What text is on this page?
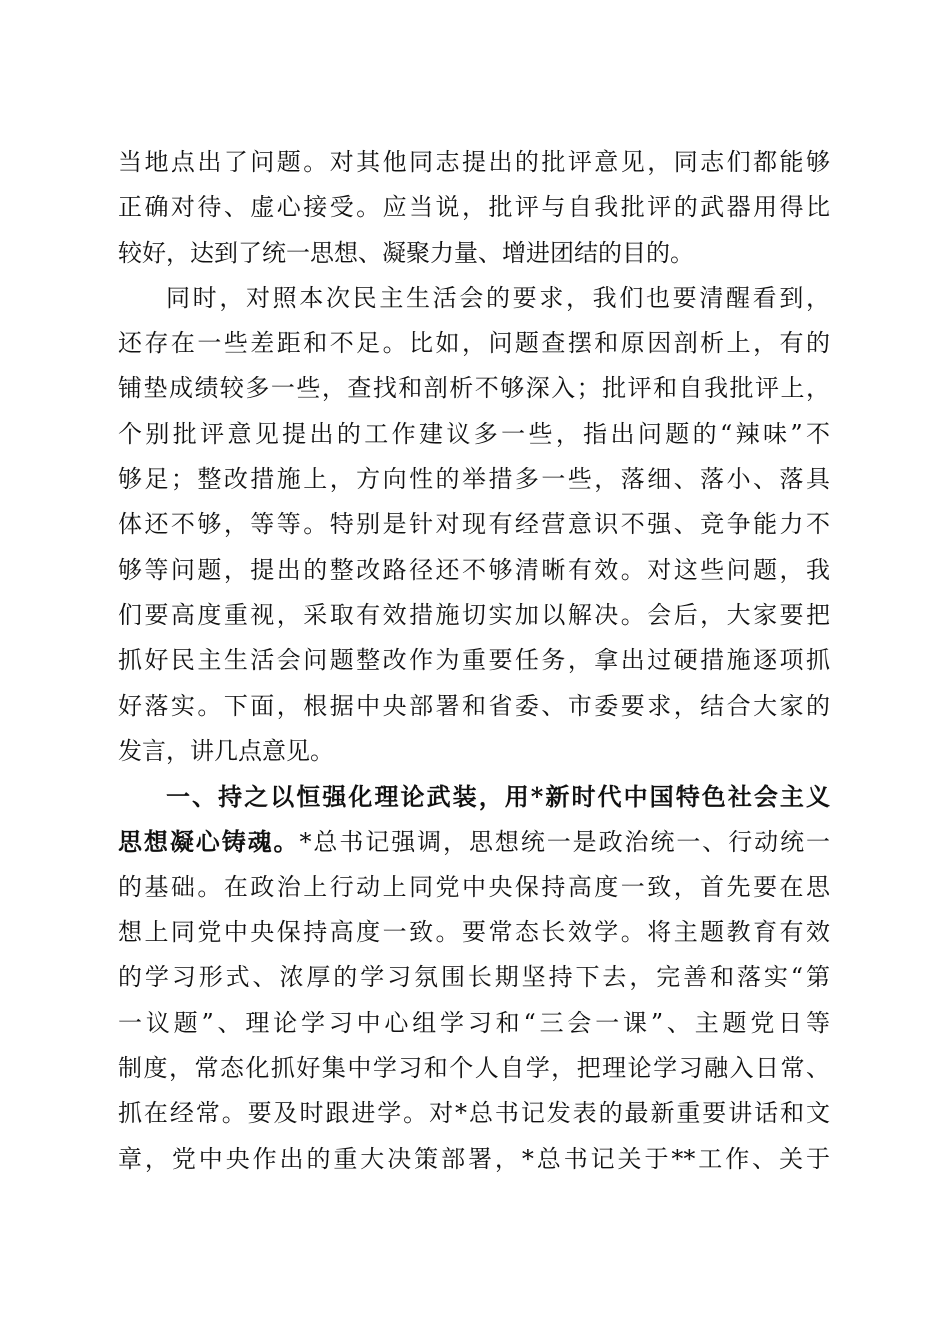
当地点出了问题。对其他同志提出的批评意见，同志们都能够
正确对待、虚心接受。应当说，批评与自我批评的武器用得比
较好，达到了统一思想、凝聚力量、增进团结的目的。
同时，对照本次民主生活会的要求，我们也要清醒看到，
还存在一些差距和不足。比如，问题查摆和原因剖析上，有的
铺垫成绩较多一些，查找和剖析不够深入；批评和自我批评上，
个别批评意见提出的工作建议多一些，指出问题的“辣味”不
够足；整改措施上，方向性的举措多一些，落细、落小、落具
体还不够，等等。特别是针对现有经营意识不强、竞争能力不
够等问题，提出的整改路径还不够清晰有效。对这些问题，我
们要高度重视，采取有效措施切实加以解决。会后，大家要把
抓好民主生活会问题整改作为重要任务，拿出过硬措施逐项抓
好落实。下面，根据中央部署和省委、市委要求，结合大家的
发言，讲几点意见。
一、持之以恒强化理论武装，用*新时代中国特色社会主义
思想凝心铸魂。*总书记强调，思想统一是政治统一、行动统一
的基础。在政治上行动上同党中央保持高度一致，首先要在思
想上同党中央保持高度一致。要常态长效学。将主题教育有效
的学习形式、浓厚的学习氛围长期坚持下去，完善和落实“第
一议题”、理论学习中心组学习和“三会一课”、主题党日等
制度，常态化抓好集中学习和个人自学，把理论学习融入日常、
抓在经常。要及时跟进学。对*总书记发表的最新重要讲话和文
章，党中央作出的重大决策部署，*总书记关于**工作、关于
